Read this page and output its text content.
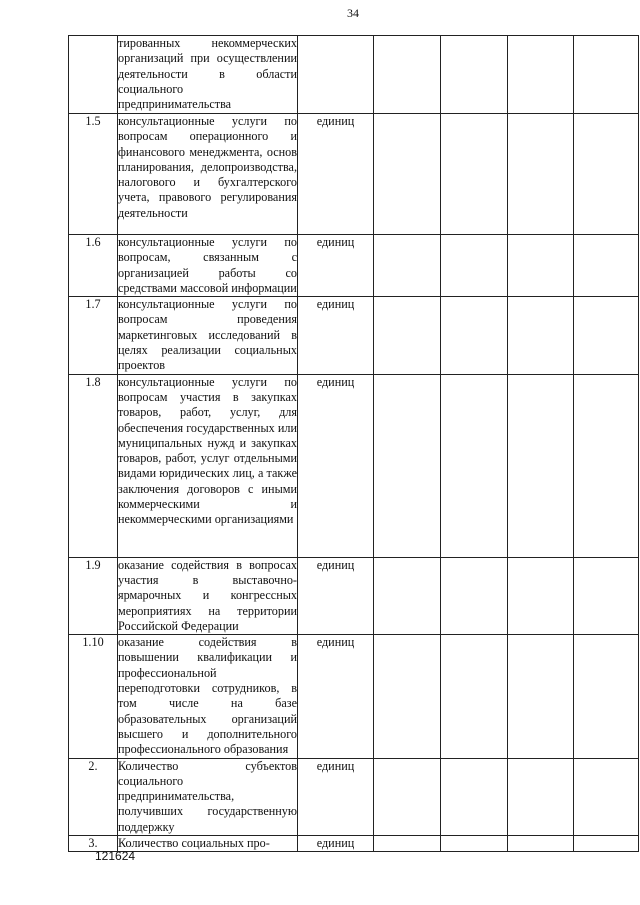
34
	тированных некоммерческих организаций при осуществлении деятельности в области социального предпринимательства					
1.5	консультационные услуги по вопросам операционного и финансового менеджмента, основ планирования, делопроизводства, налогового и бухгалтерского учета, правового регулирования деятельности	единиц				
1.6	консультационные услуги по вопросам, связанным с организацией работы со средствами массовой информации	единиц				
1.7	консультационные услуги по вопросам проведения маркетинговых исследований в целях реализации социальных проектов	единиц				
1.8	консультационные услуги по вопросам участия в закупках товаров, работ, услуг, для обеспечения государственных или муниципальных нужд и закупках товаров, работ, услуг отдельными видами юридических лиц, а также заключения договоров с иными коммерческими и некоммерческими организациями	единиц				
1.9	оказание содействия в вопросах участия в выставочно-ярмарочных и конгрессных мероприятиях на территории Российской Федерации	единиц				
1.10	оказание содействия в повышении квалификации и профессиональной переподготовки сотрудников, в том числе на базе образовательных организаций высшего и дополнительного профессионального образования	единиц				
2.	Количество субъектов социального предпринимательства, получивших государственную поддержку	единиц				
3.	Количество социальных про-	единиц				
121624
